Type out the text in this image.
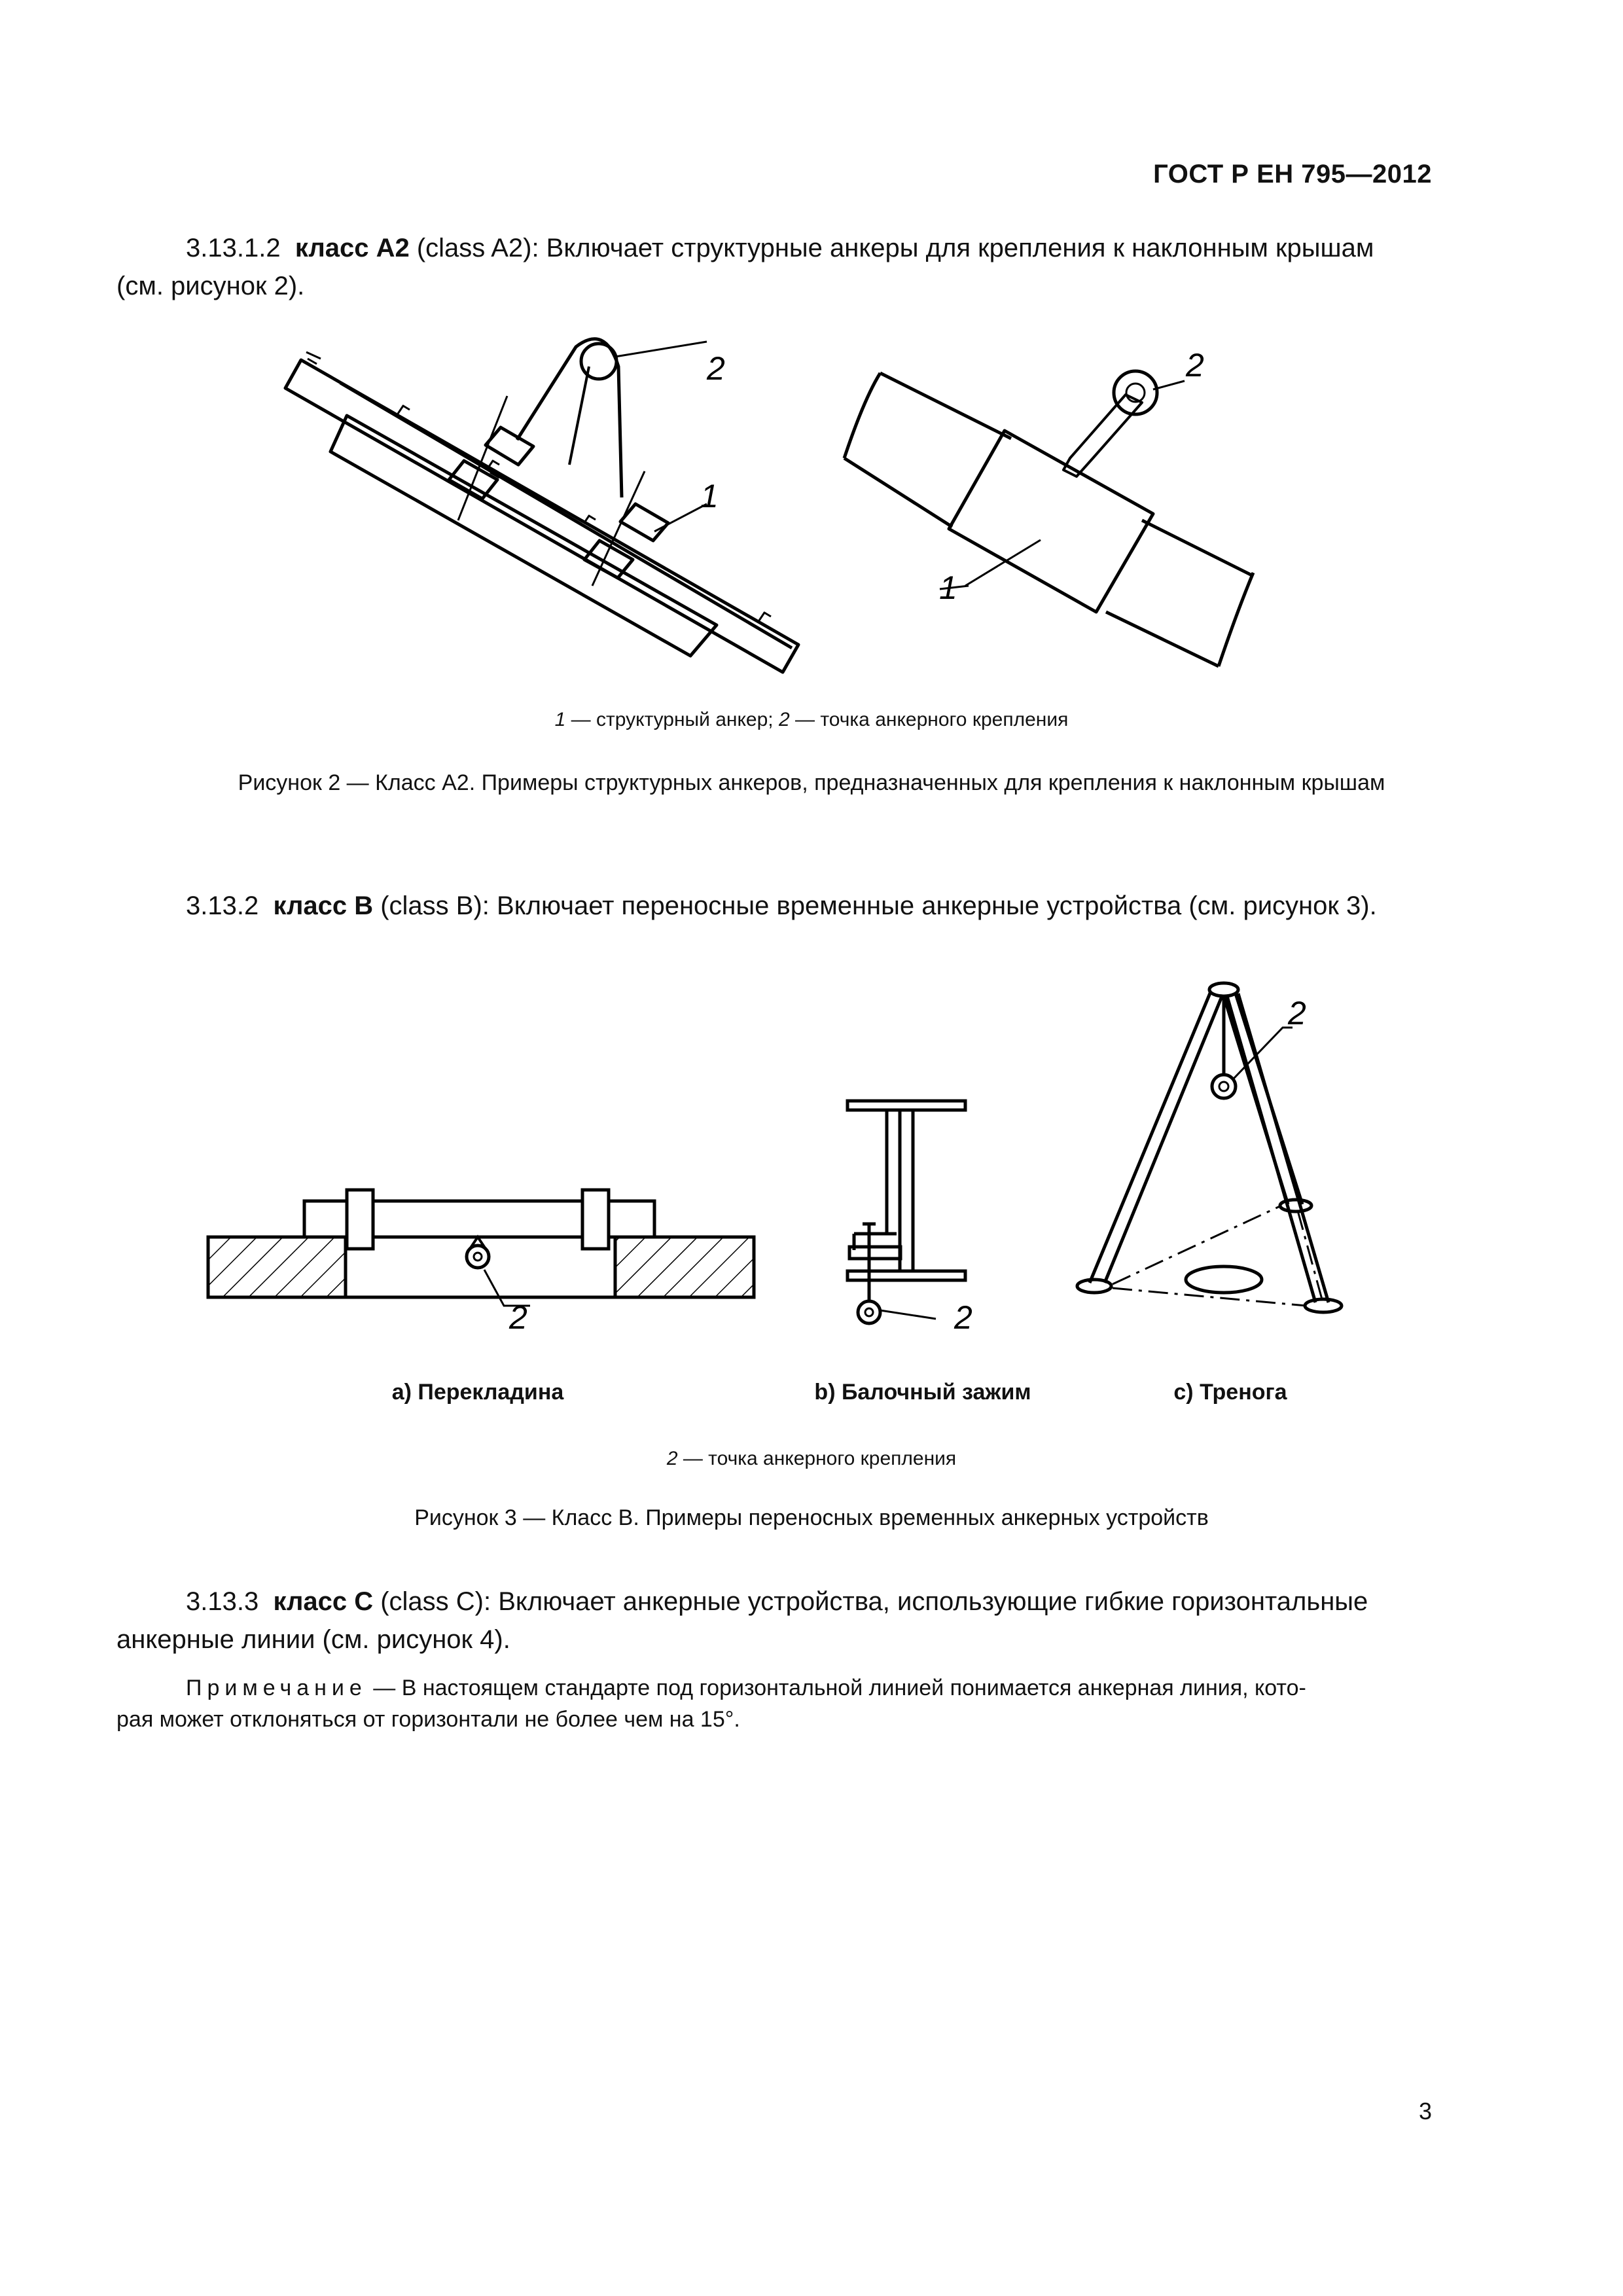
ГОСТ Р ЕН 795—2012
3.13.1.2 класс А2 (class A2): Включает структурные анкеры для крепления к наклонным крышам
(см. рисунок 2).
2
1
2
1
1 — структурный анкер; 2 — точка анкерного крепления
Рисунок 2 — Класс А2. Примеры структурных анкеров, предназначенных для крепления к наклонным крышам
3.13.2 класс В (class B): Включает переносные временные анкерные устройства (см. рисунок 3).
2	2
2
а) Перекладина	b) Балочный зажим	с) Тренога
2 — точка анкерного крепления
Рисунок 3 — Класс В. Примеры переносных временных анкерных устройств
3.13.3 класс С (class C): Включает анкерные устройства, использующие гибкие горизонтальные
анкерные линии (см. рисунок 4).
Примечание — В настоящем стандарте под горизонтальной линией понимается анкерная линия, кото-
рая может отклоняться от горизонтали не более чем на 15°.
3
